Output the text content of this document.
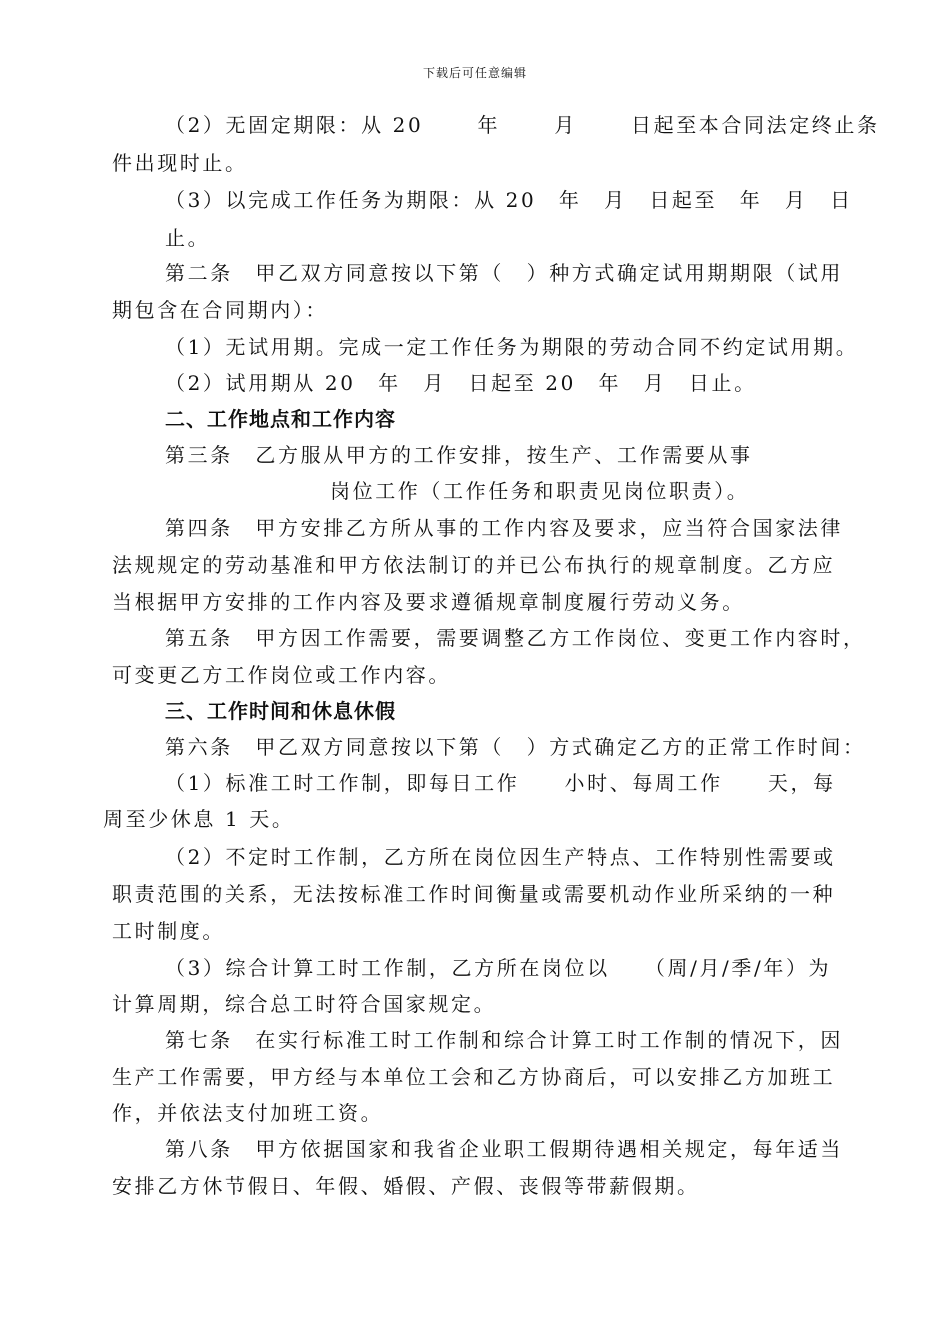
下载后可任意编辑
（2）无固定期限：从 20　　 年　　 月　　 日起至本合同法定终止条
件出现时止。
（3）以完成工作任务为期限：从 20　年　月　日起至　年　月　日
止。
第二条　甲乙双方同意按以下第（　）种方式确定试用期期限（试用
期包含在合同期内）：
（1）无试用期。完成一定工作任务为期限的劳动合同不约定试用期。
（2）试用期从 20　年　月　日起至 20　年　月　日止。
二、工作地点和工作内容
第三条　乙方服从甲方的工作安排，按生产、工作需要从事
岗位工作（工作任务和职责见岗位职责）。
第四条　甲方安排乙方所从事的工作内容及要求，应当符合国家法律
法规规定的劳动基准和甲方依法制订的并已公布执行的规章制度。乙方应
当根据甲方安排的工作内容及要求遵循规章制度履行劳动义务。
第五条　甲方因工作需要，需要调整乙方工作岗位、变更工作内容时，
可变更乙方工作岗位或工作内容。
三、工作时间和休息休假
第六条　甲乙双方同意按以下第（　）方式确定乙方的正常工作时间：
（1）标准工时工作制，即每日工作　　小时、每周工作　　天，每
周至少休息 1 天。
（2）不定时工作制，乙方所在岗位因生产特点、工作特别性需要或
职责范围的关系，无法按标准工作时间衡量或需要机动作业所采纳的一种
工时制度。
（3）综合计算工时工作制，乙方所在岗位以　　（周/月/季/年）为
计算周期，综合总工时符合国家规定。
第七条　在实行标准工时工作制和综合计算工时工作制的情况下，因
生产工作需要，甲方经与本单位工会和乙方协商后，可以安排乙方加班工
作，并依法支付加班工资。
第八条　甲方依据国家和我省企业职工假期待遇相关规定，每年适当
安排乙方休节假日、年假、婚假、产假、丧假等带薪假期。
